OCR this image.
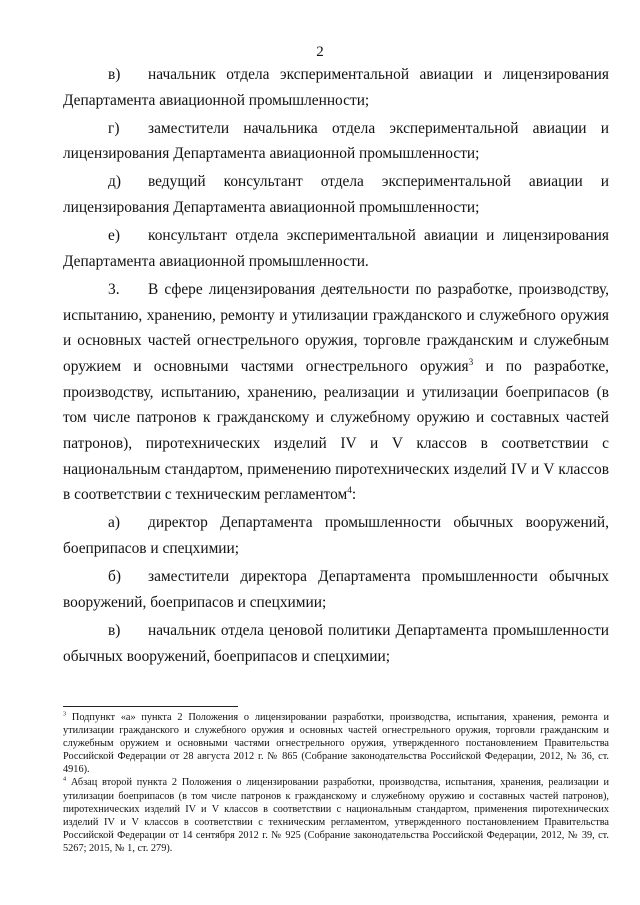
2

в) начальник отдела экспериментальной авиации и лицензирования Департамента авиационной промышленности;

г) заместители начальника отдела экспериментальной авиации и лицензирования Департамента авиационной промышленности;

д) ведущий консультант отдела экспериментальной авиации и лицензирования Департамента авиационной промышленности;

е) консультант отдела экспериментальной авиации и лицензирования Департамента авиационной промышленности.

3. В сфере лицензирования деятельности по разработке, производству, испытанию, хранению, ремонту и утилизации гражданского и служебного оружия и основных частей огнестрельного оружия, торговле гражданским и служебным оружием и основными частями огнестрельного оружия$^3$ и по разработке, производству, испытанию, хранению, реализации и утилизации боеприпасов (в том числе патронов к гражданскому и служебному оружию и составных частей патронов), пиротехнических изделий IV и V классов в соответствии с национальным стандартом, применению пиротехнических изделий IV и V классов в соответствии с техническим регламентом$^4$:

а) директор Департамента промышленности обычных вооружений, боеприпасов и спецхимии;

б) заместители директора Департамента промышленности обычных вооружений, боеприпасов и спецхимии;

в) начальник отдела ценовой политики Департамента промышленности обычных вооружений, боеприпасов и спецхимии;

$^3$ Подпункт «а» пункта 2 Положения о лицензировании разработки, производства, испытания, хранения, ремонта и утилизации гражданского и служебного оружия и основных частей огнестрельного оружия, торговли гражданским и служебным оружием и основными частями огнестрельного оружия, утвержденного постановлением Правительства Российской Федерации от 28 августа 2012 г. № 865 (Собрание законодательства Российской Федерации, 2012, № 36, ст. 4916).

$^4$ Абзац второй пункта 2 Положения о лицензировании разработки, производства, испытания, хранения, реализации и утилизации боеприпасов (в том числе патронов к гражданскому и служебному оружию и составных частей патронов), пиротехнических изделий IV и V классов в соответствии с национальным стандартом, применения пиротехнических изделий IV и V классов в соответствии с техническим регламентом, утвержденного постановлением Правительства Российской Федерации от 14 сентября 2012 г. № 925 (Собрание законодательства Российской Федерации, 2012, № 39, ст. 5267; 2015, № 1, ст. 279).
